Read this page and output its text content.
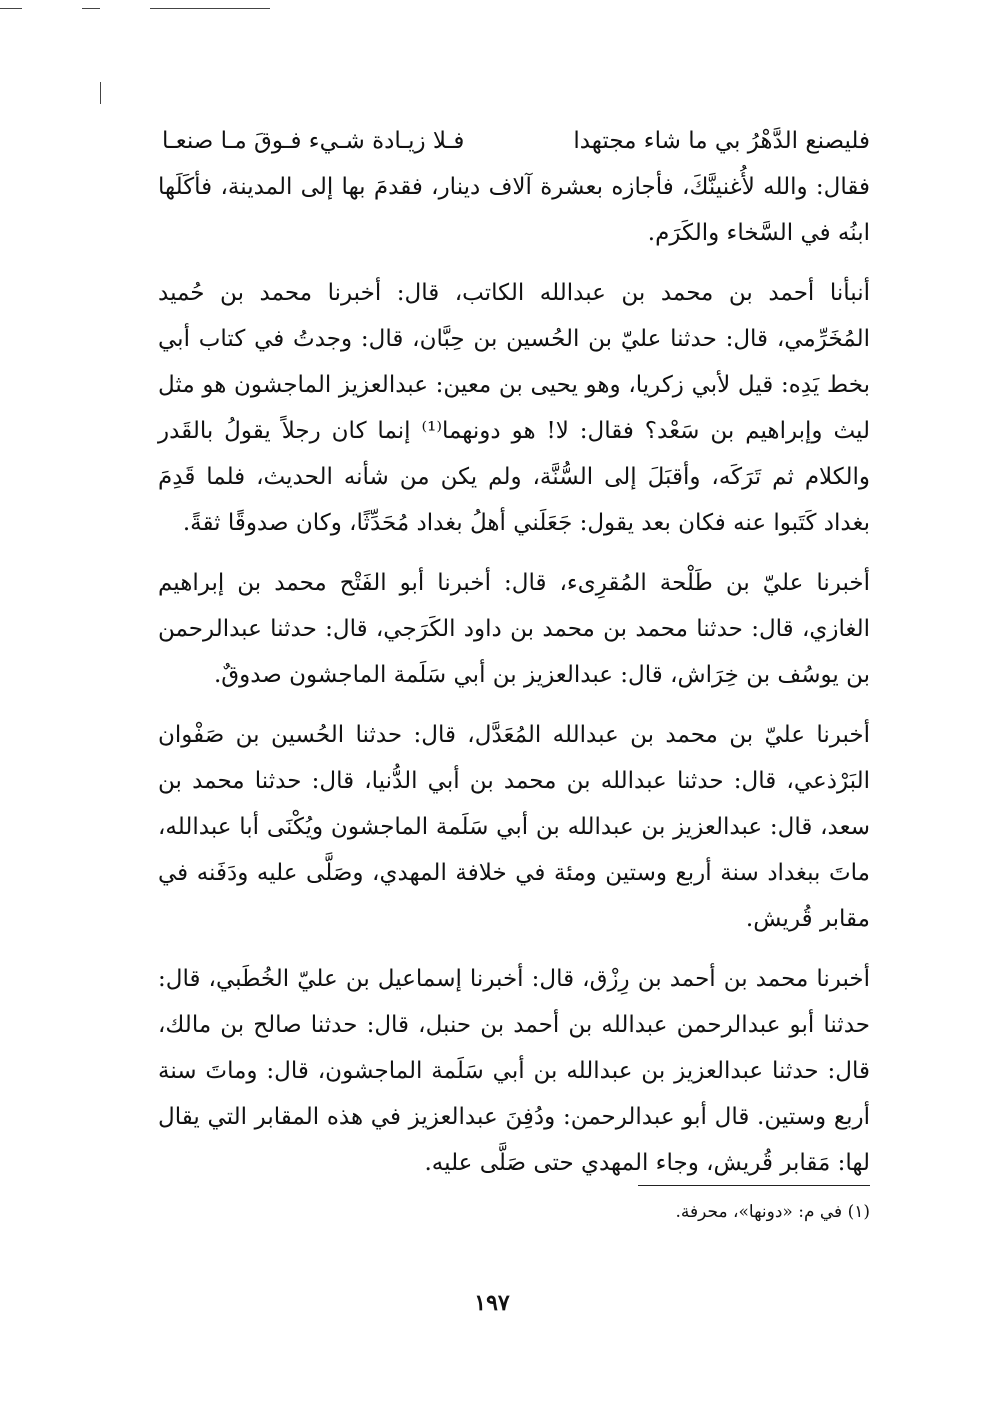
فليصنع الدَّهْرُ بي ما شاء مجتهدا
فـلا زيـادة شـيء فـوقَ مـا صنعـا

فقال: والله لأُغنينَّكَ، فأجازه بعشرة آلاف دينار، فقدمَ بها إلى المدينة، فأكَلَها ابنُه في السَّخاء والكَرَم.

أنبأنا أحمد بن محمد بن عبدالله الكاتب، قال: أخبرنا محمد بن حُميد المُخَرِّمي، قال: حدثنا عليّ بن الحُسين بن حِبَّان، قال: وجدتُ في كتاب أبي بخط يَدِه: قيل لأبي زكريا، وهو يحيى بن معين: عبدالعزيز الماجشون هو مثل ليث وإبراهيم بن سَعْد؟ فقال: لا! هو دونهما⁽¹⁾ إنما كان رجلاً يقولُ بالقَدر والكلام ثم تَرَكَه، وأقبَلَ إلى السُّنَّة، ولم يكن من شأنه الحديث، فلما قَدِمَ بغداد كَتَبوا عنه فكان بعد يقول: جَعَلَني أهلُ بغداد مُحَدِّثًا، وكان صدوقًا ثقةً.

أخبرنا عليّ بن طَلْحة المُقرِىء، قال: أخبرنا أبو الفَتْح محمد بن إبراهيم الغازي، قال: حدثنا محمد بن محمد بن داود الكَرَجي، قال: حدثنا عبدالرحمن بن يوسُف بن خِرَاش، قال: عبدالعزيز بن أبي سَلَمة الماجشون صدوقٌ.

أخبرنا عليّ بن محمد بن عبدالله المُعَدَّل، قال: حدثنا الحُسين بن صَفْوان البَرْذعي، قال: حدثنا عبدالله بن محمد بن أبي الدُّنيا، قال: حدثنا محمد بن سعد، قال: عبدالعزيز بن عبدالله بن أبي سَلَمة الماجشون ويُكْنَى أبا عبدالله، ماتَ ببغداد سنة أربع وستين ومئة في خلافة المهدي، وصَلَّى عليه ودَفَنه في مقابر قُريش.

أخبرنا محمد بن أحمد بن رِزْق، قال: أخبرنا إسماعيل بن عليّ الخُطَبي، قال: حدثنا أبو عبدالرحمن عبدالله بن أحمد بن حنبل، قال: حدثنا صالح بن مالك، قال: حدثنا عبدالعزيز بن عبدالله بن أبي سَلَمة الماجشون، قال: وماتَ سنة أربع وستين. قال أبو عبدالرحمن: ودُفِنَ عبدالعزيز في هذه المقابر التي يقال لها: مَقابر قُريش، وجاء المهدي حتى صَلَّى عليه.

(١) في م: «دونها»، محرفة.
١٩٧
